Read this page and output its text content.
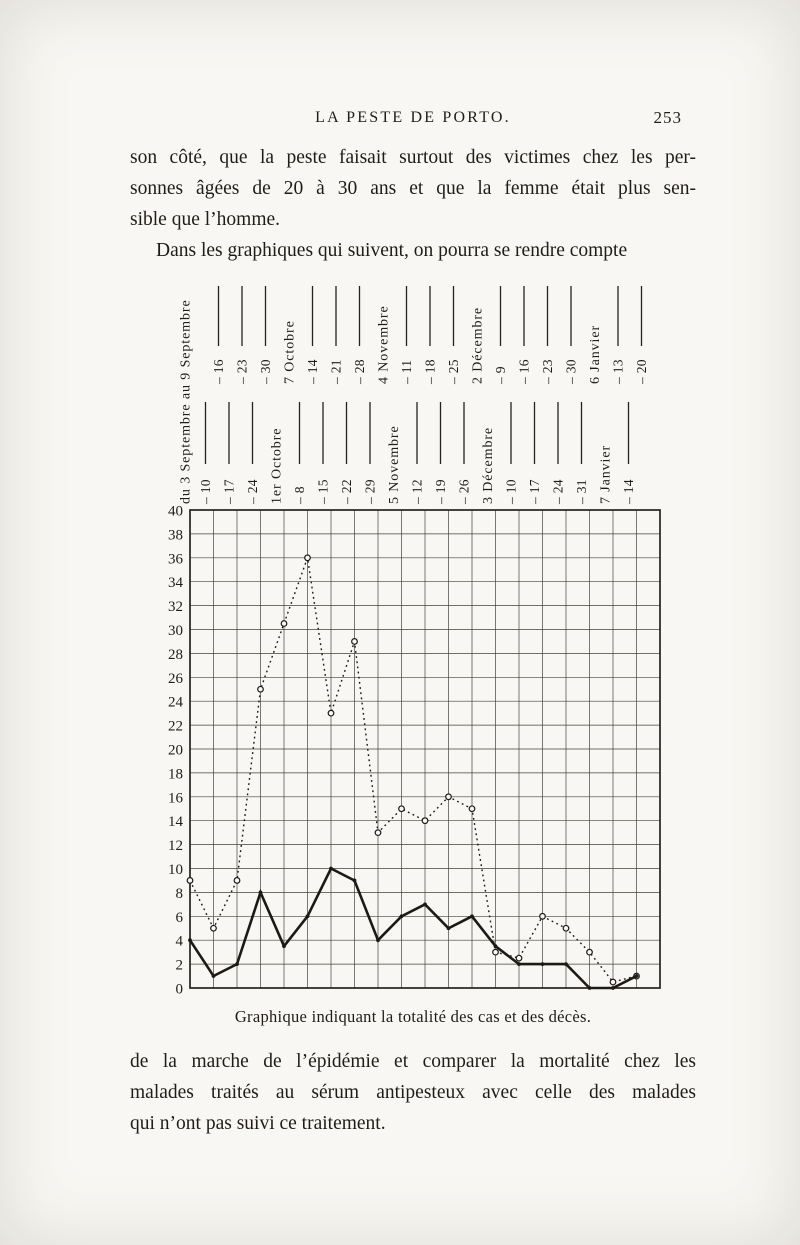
LA PESTE DE PORTO.	253
son côté, que la peste faisait surtout des victimes chez les per-
sonnes âgées de 20 à 30 ans et que la femme était plus sen-
sible que l’homme.
Dans les graphiques qui suivent, on pourra se rendre compte
40
38
36
34
32
30
28
26
24
22
20
18
16
14
12
10
8
6
4
2
0
du 3 Septembre au 9 Septembre – 10 – 17 – 24 1er Octobre – 8 – 15 – 22 – 29 5 Novembre – 12 – 19 – 26 3 Décembre – 10 – 17 – 24 – 31 7 Janvier – 14
– 16 – 23 – 30 7 Octobre – 14 – 21 – 28 4 Novembre – 11 – 18 – 25 2 Décembre – 9 – 16 – 23 – 30 6 Janvier – 13 – 20
Graphique indiquant la totalité des cas et des décès.
de la marche de l’épidémie et comparer la mortalité chez les
malades traités au sérum antipesteux avec celle des malades
qui n’ont pas suivi ce traitement.
